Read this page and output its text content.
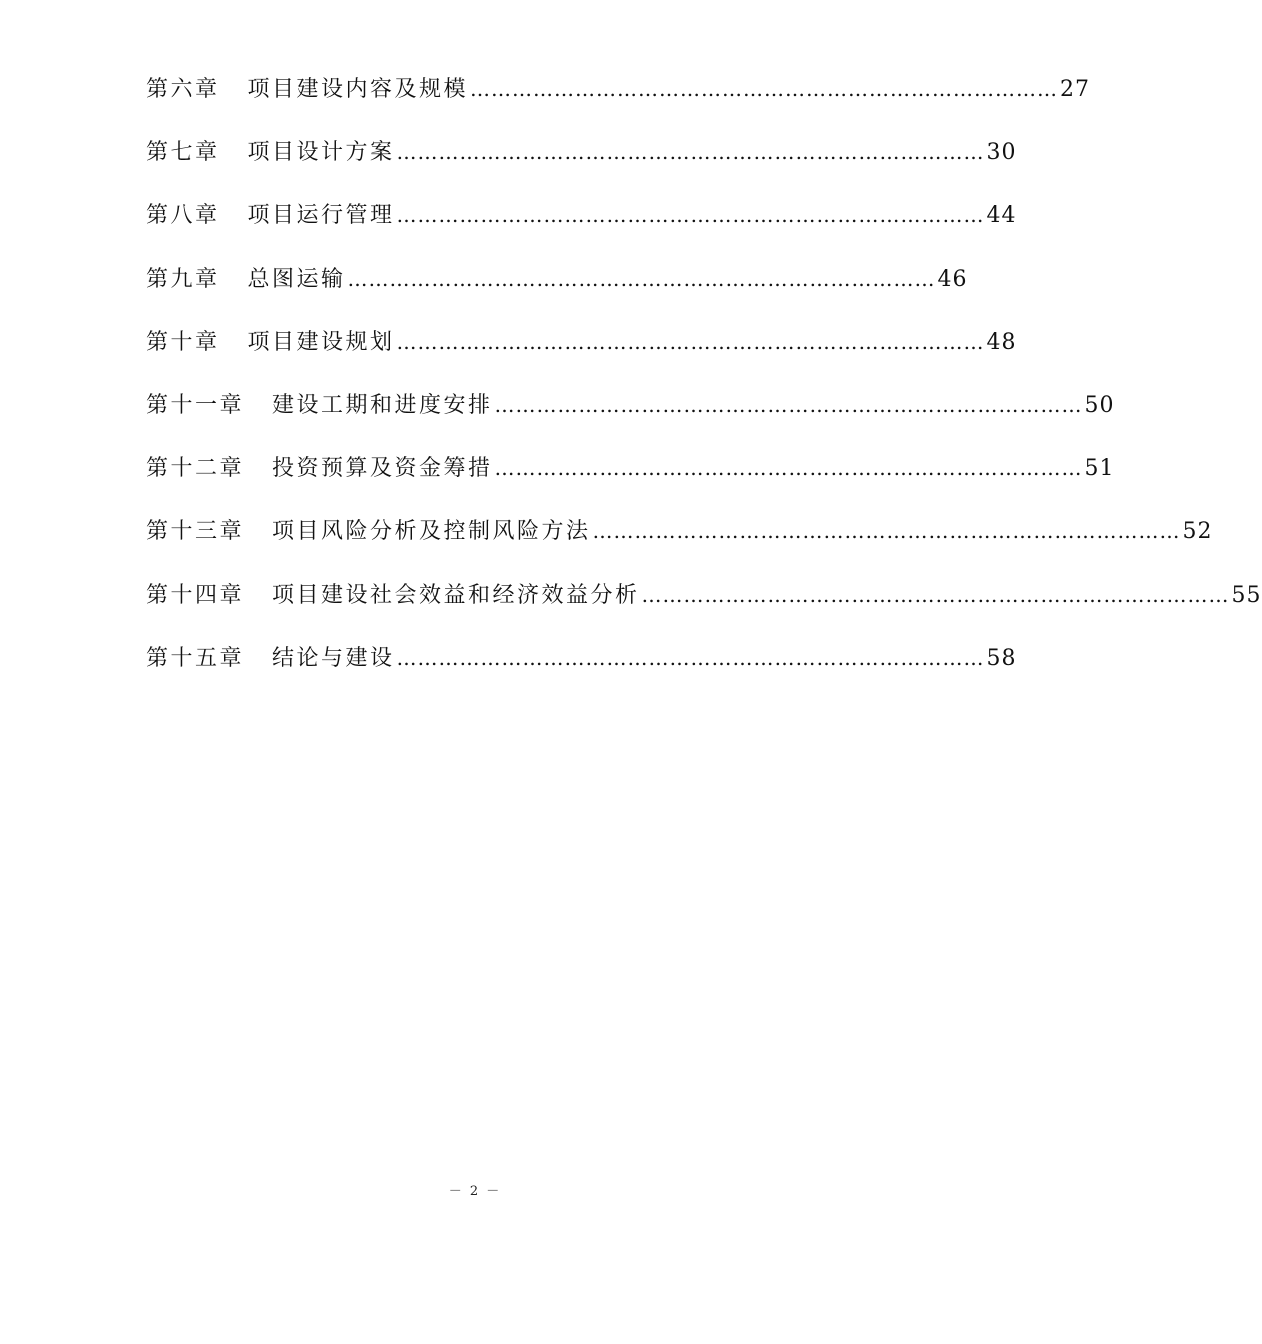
第六章 项目建设内容及规模 ………………………………………………………………………… 27
第七章 项目设计方案 ………………………………………………………………………… 30
第八章 项目运行管理 ………………………………………………………………………… 44
第九章 总图运输 ………………………………………………………………………… 46
第十章 项目建设规划 ………………………………………………………………………… 48
第十一章 建设工期和进度安排 ………………………………………………………………………… 50
第十二章 投资预算及资金筹措 ………………………………………………………………………… 51
第十三章 项目风险分析及控制风险方法 ………………………………………………………………………… 52
第十四章 项目建设社会效益和经济效益分析 ………………………………………………………………………… 55
第十五章 结论与建设 ………………………………………………………………………… 58
－ 2 －
